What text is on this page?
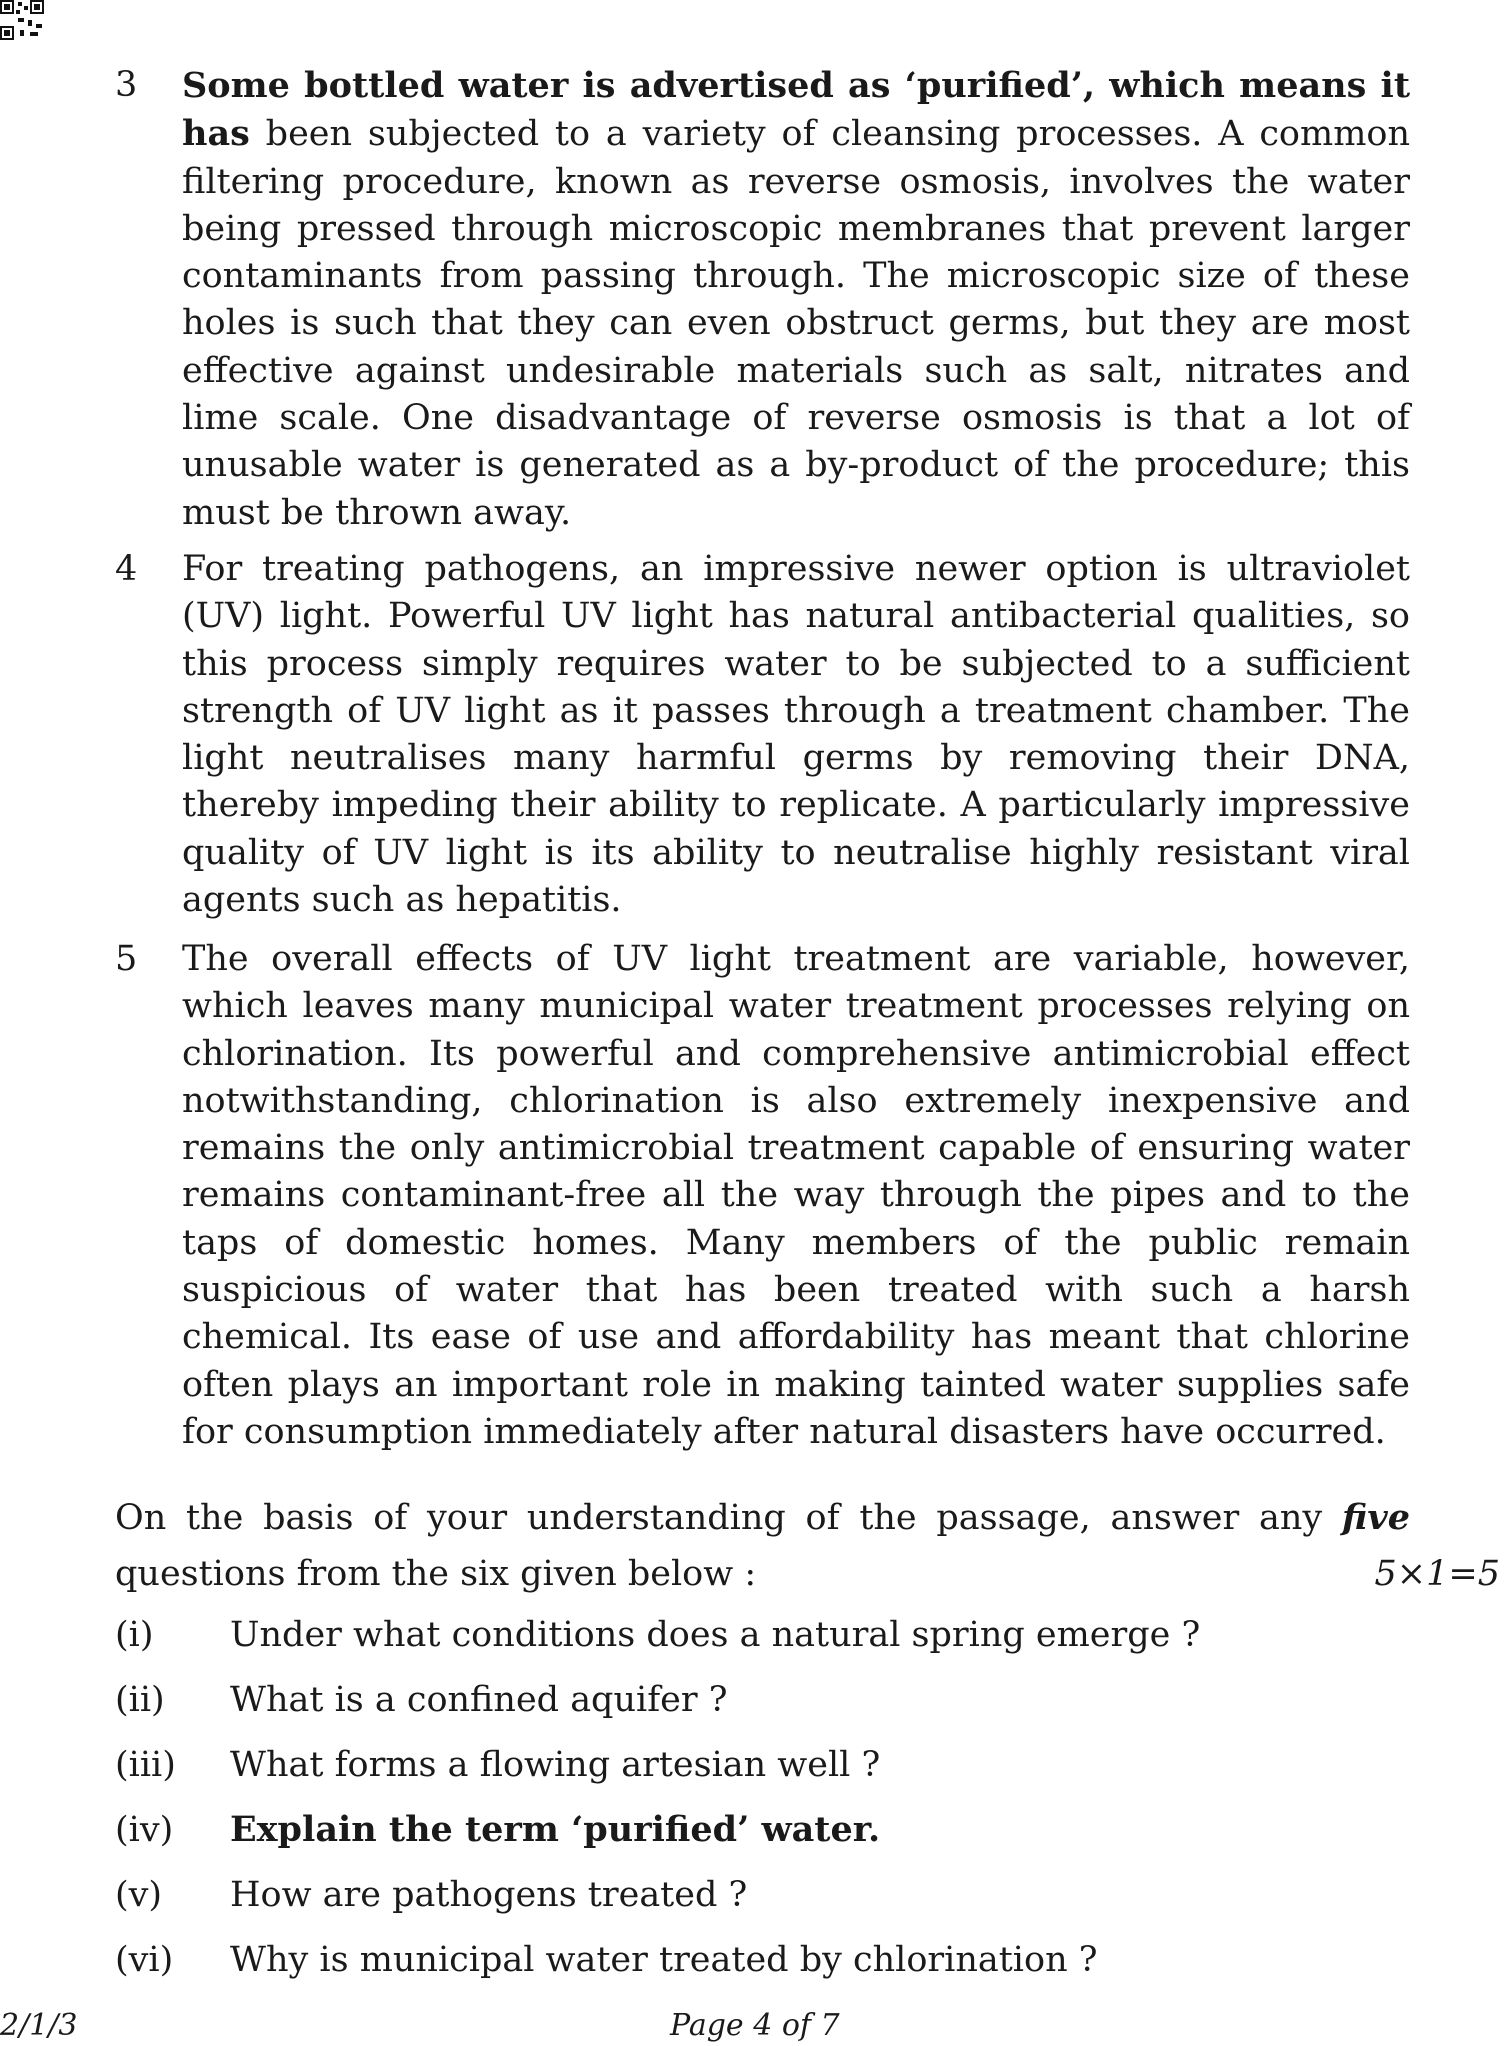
3 Some bottled water is advertised as ‘purified’, which means it has been subjected to a variety of cleansing processes. A common filtering procedure, known as reverse osmosis, involves the water being pressed through microscopic membranes that prevent larger contaminants from passing through. The microscopic size of these holes is such that they can even obstruct germs, but they are most effective against undesirable materials such as salt, nitrates and lime scale. One disadvantage of reverse osmosis is that a lot of unusable water is generated as a by-product of the procedure; this must be thrown away.
4 For treating pathogens, an impressive newer option is ultraviolet (UV) light. Powerful UV light has natural antibacterial qualities, so this process simply requires water to be subjected to a sufficient strength of UV light as it passes through a treatment chamber. The light neutralises many harmful germs by removing their DNA, thereby impeding their ability to replicate. A particularly impressive quality of UV light is its ability to neutralise highly resistant viral agents such as hepatitis.
5 The overall effects of UV light treatment are variable, however, which leaves many municipal water treatment processes relying on chlorination. Its powerful and comprehensive antimicrobial effect notwithstanding, chlorination is also extremely inexpensive and remains the only antimicrobial treatment capable of ensuring water remains contaminant-free all the way through the pipes and to the taps of domestic homes. Many members of the public remain suspicious of water that has been treated with such a harsh chemical. Its ease of use and affordability has meant that chlorine often plays an important role in making tainted water supplies safe for consumption immediately after natural disasters have occurred.
On the basis of your understanding of the passage, answer any five questions from the six given below :	5×1=5
(i) Under what conditions does a natural spring emerge ?
(ii) What is a confined aquifer ?
(iii) What forms a flowing artesian well ?
(iv) Explain the term ‘purified’ water.
(v) How are pathogens treated ?
(vi) Why is municipal water treated by chlorination ?
2/1/3	Page 4 of 7
